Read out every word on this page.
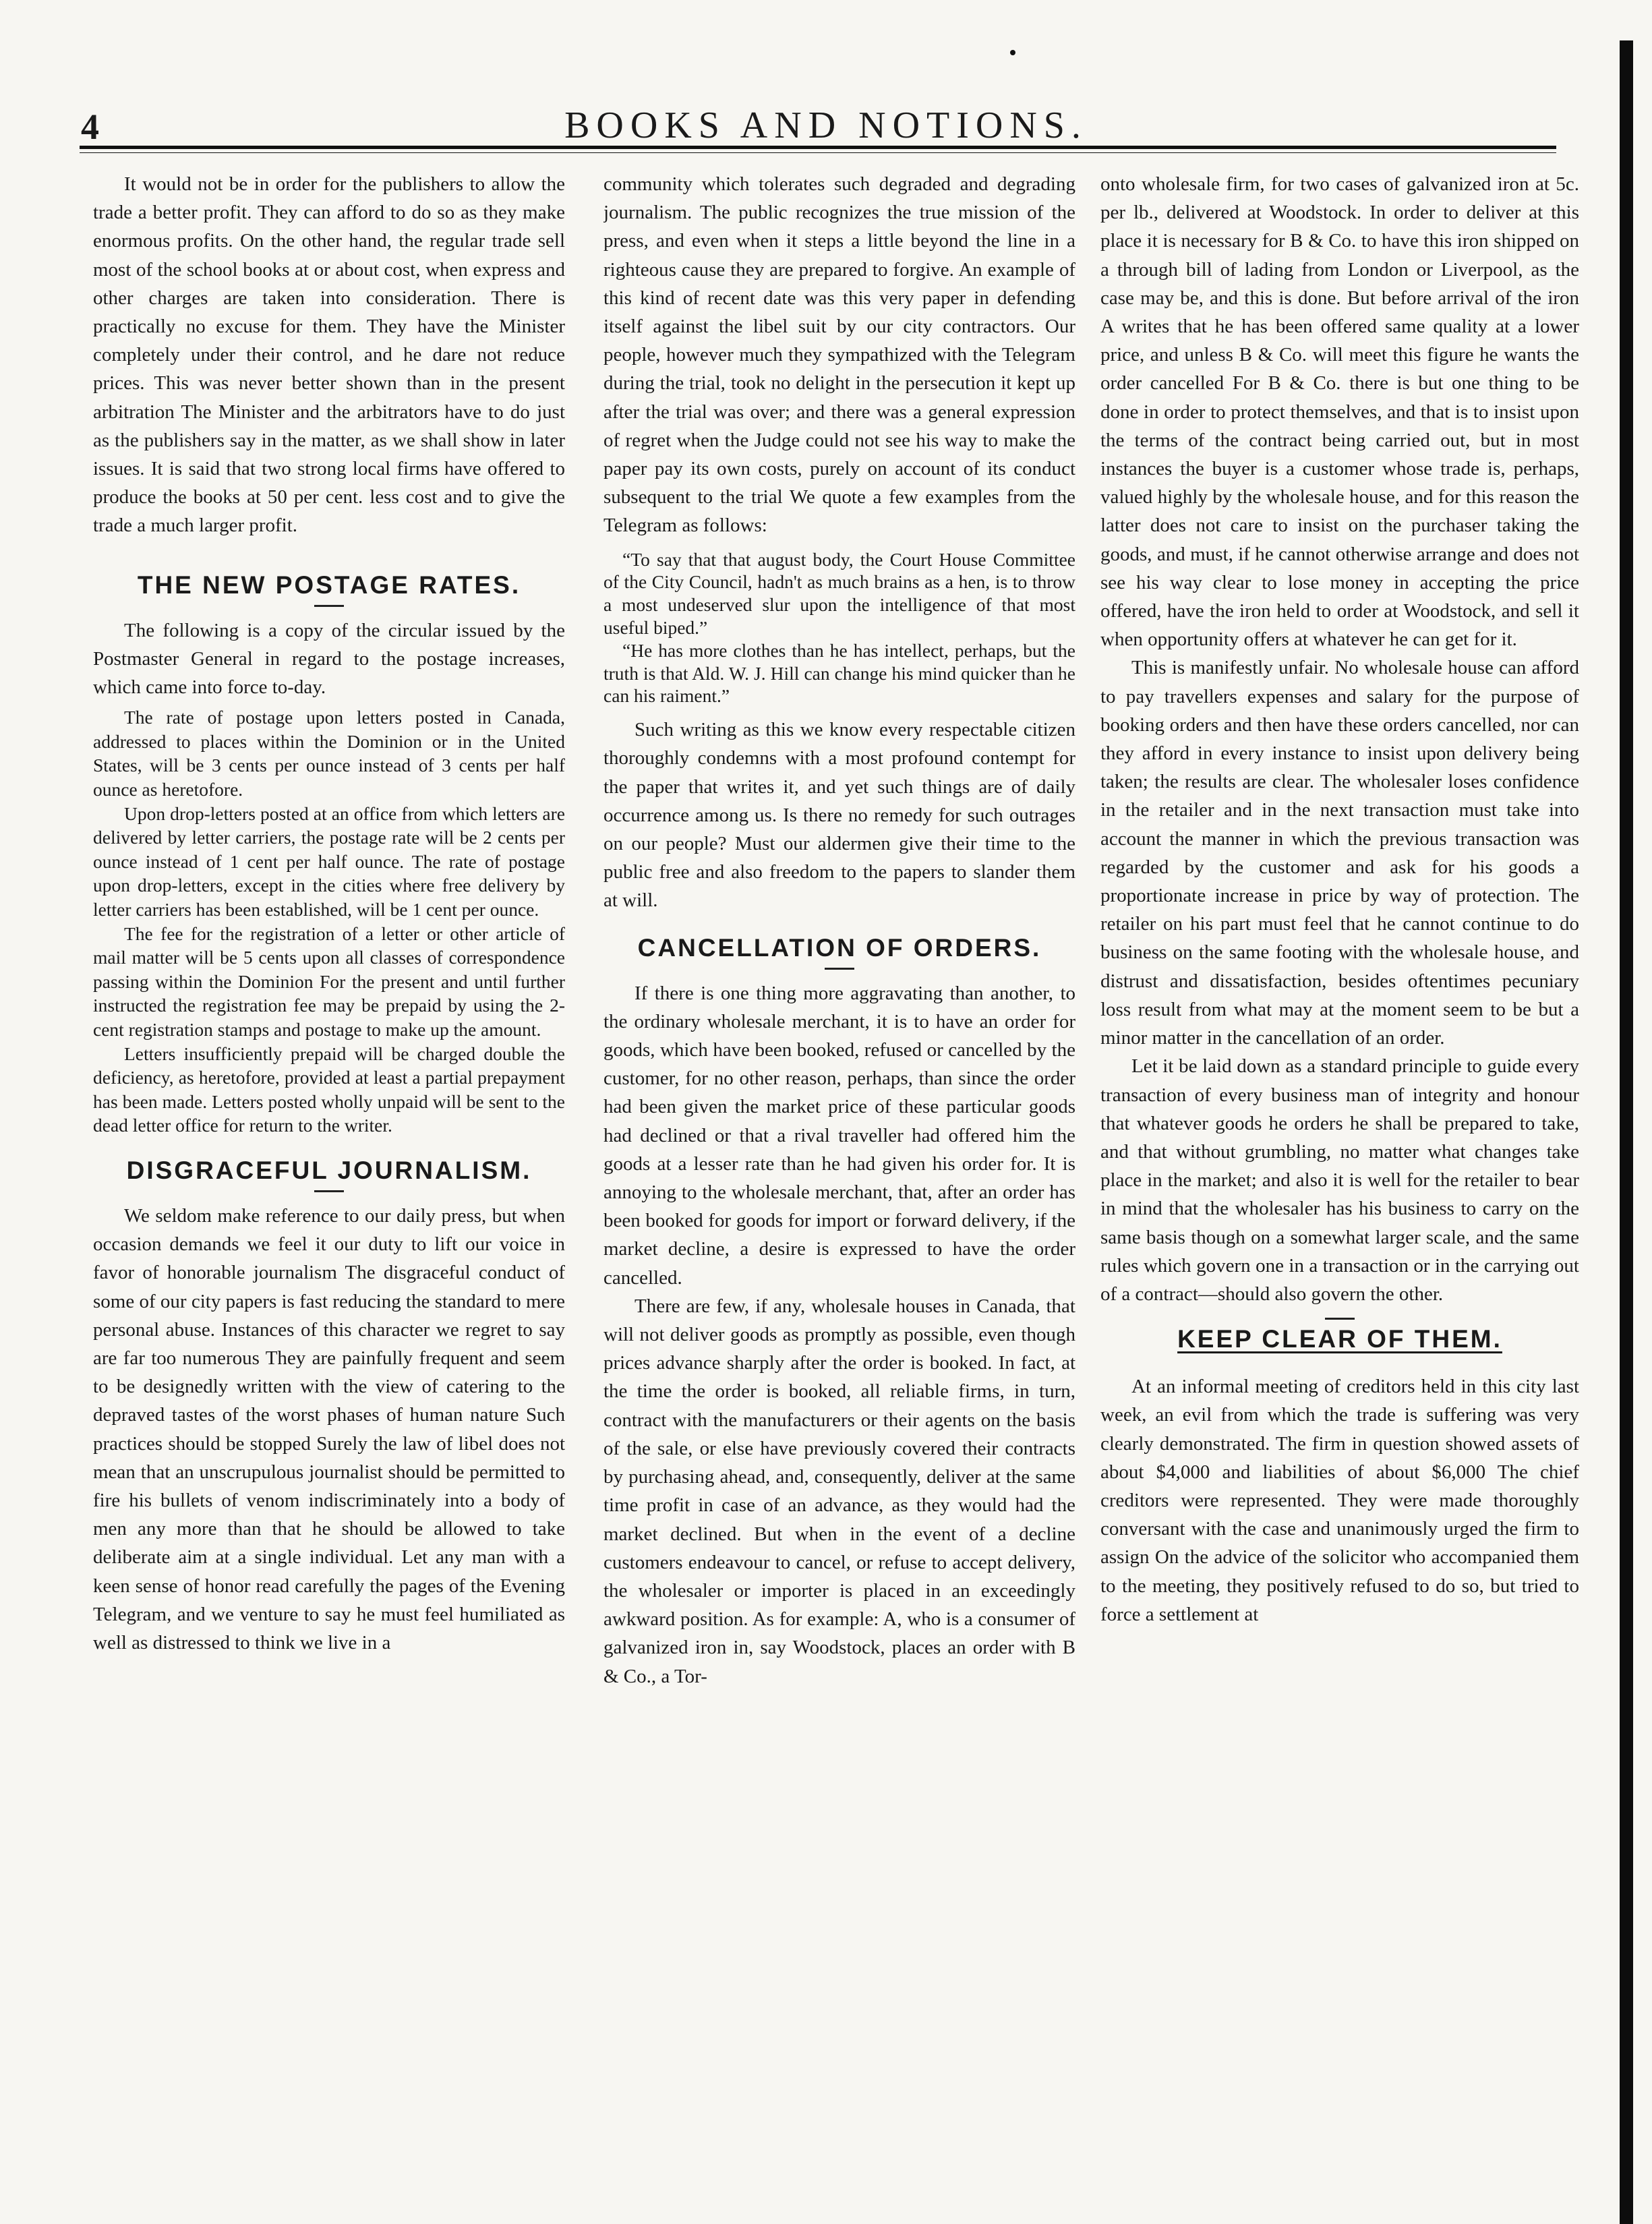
4	BOOKS AND NOTIONS.

It would not be in order for the publishers to allow the trade a better profit. They can afford to do so as they make enormous profits. On the other hand, the regular trade sell most of the school books at or about cost, when express and other charges are taken into consideration. There is practically no excuse for them. They have the Minister completely under their control, and he dare not reduce prices. This was never better shown than in the present arbitration The Minister and the arbitrators have to do just as the publishers say in the matter, as we shall show in later issues. It is said that two strong local firms have offered to produce the books at 50 per cent. less cost and to give the trade a much larger profit.

THE NEW POSTAGE RATES.

The following is a copy of the circular issued by the Postmaster General in regard to the postage increases, which came into force to-day.

The rate of postage upon letters posted in Canada, addressed to places within the Dominion or in the United States, will be 3 cents per ounce instead of 3 cents per half ounce as heretofore.

Upon drop-letters posted at an office from which letters are delivered by letter carriers, the postage rate will be 2 cents per ounce instead of 1 cent per half ounce. The rate of postage upon drop-letters, except in the cities where free delivery by letter carriers has been established, will be 1 cent per ounce.

The fee for the registration of a letter or other article of mail matter will be 5 cents upon all classes of correspondence passing within the Dominion For the present and until further instructed the registration fee may be prepaid by using the 2-cent registration stamps and postage to make up the amount.

Letters insufficiently prepaid will be charged double the deficiency, as heretofore, provided at least a partial prepayment has been made. Letters posted wholly unpaid will be sent to the dead letter office for return to the writer.

DISGRACEFUL JOURNALISM.

We seldom make reference to our daily press, but when occasion demands we feel it our duty to lift our voice in favor of honorable journalism The disgraceful conduct of some of our city papers is fast reducing the standard to mere personal abuse. Instances of this character we regret to say are far too numerous They are painfully frequent and seem to be designedly written with the view of catering to the depraved tastes of the worst phases of human nature Such practices should be stopped Surely the law of libel does not mean that an unscrupulous journalist should be permitted to fire his bullets of venom indiscriminately into a body of men any more than that he should be allowed to take deliberate aim at a single individual. Let any man with a keen sense of honor read carefully the pages of the Evening Telegram, and we venture to say he must feel humiliated as well as distressed to think we live in a

community which tolerates such degraded and degrading journalism. The public recognizes the true mission of the press, and even when it steps a little beyond the line in a righteous cause they are prepared to forgive. An example of this kind of recent date was this very paper in defending itself against the libel suit by our city contractors. Our people, however much they sympathized with the Telegram during the trial, took no delight in the persecution it kept up after the trial was over; and there was a general expression of regret when the Judge could not see his way to make the paper pay its own costs, purely on account of its conduct subsequent to the trial We quote a few examples from the Telegram as follows:

“To say that that august body, the Court House Committee of the City Council, hadn't as much brains as a hen, is to throw a most undeserved slur upon the intelligence of that most useful biped.”

“He has more clothes than he has intellect, perhaps, but the truth is that Ald. W. J. Hill can change his mind quicker than he can his raiment.”

Such writing as this we know every respectable citizen thoroughly condemns with a most profound contempt for the paper that writes it, and yet such things are of daily occurrence among us. Is there no remedy for such outrages on our people? Must our aldermen give their time to the public free and also freedom to the papers to slander them at will.

CANCELLATION OF ORDERS.

If there is one thing more aggravating than another, to the ordinary wholesale merchant, it is to have an order for goods, which have been booked, refused or cancelled by the customer, for no other reason, perhaps, than since the order had been given the market price of these particular goods had declined or that a rival traveller had offered him the goods at a lesser rate than he had given his order for. It is annoying to the wholesale merchant, that, after an order has been booked for goods for import or forward delivery, if the market decline, a desire is expressed to have the order cancelled.

There are few, if any, wholesale houses in Canada, that will not deliver goods as promptly as possible, even though prices advance sharply after the order is booked. In fact, at the time the order is booked, all reliable firms, in turn, contract with the manufacturers or their agents on the basis of the sale, or else have previously covered their contracts by purchasing ahead, and, consequently, deliver at the same time profit in case of an advance, as they would had the market declined. But when in the event of a decline customers endeavour to cancel, or refuse to accept delivery, the wholesaler or importer is placed in an exceedingly awkward position. As for example: A, who is a consumer of galvanized iron in, say Woodstock, places an order with B & Co., a Tor-

onto wholesale firm, for two cases of galvanized iron at 5c. per lb., delivered at Woodstock. In order to deliver at this place it is necessary for B & Co. to have this iron shipped on a through bill of lading from London or Liverpool, as the case may be, and this is done. But before arrival of the iron A writes that he has been offered same quality at a lower price, and unless B & Co. will meet this figure he wants the order cancelled For B & Co. there is but one thing to be done in order to protect themselves, and that is to insist upon the terms of the contract being carried out, but in most instances the buyer is a customer whose trade is, perhaps, valued highly by the wholesale house, and for this reason the latter does not care to insist on the purchaser taking the goods, and must, if he cannot otherwise arrange and does not see his way clear to lose money in accepting the price offered, have the iron held to order at Woodstock, and sell it when opportunity offers at whatever he can get for it.

This is manifestly unfair. No wholesale house can afford to pay travellers expenses and salary for the purpose of booking orders and then have these orders cancelled, nor can they afford in every instance to insist upon delivery being taken; the results are clear. The wholesaler loses confidence in the retailer and in the next transaction must take into account the manner in which the previous transaction was regarded by the customer and ask for his goods a proportionate increase in price by way of protection. The retailer on his part must feel that he cannot continue to do business on the same footing with the wholesale house, and distrust and dissatisfaction, besides oftentimes pecuniary loss result from what may at the moment seem to be but a minor matter in the cancellation of an order.

Let it be laid down as a standard principle to guide every transaction of every business man of integrity and honour that whatever goods he orders he shall be prepared to take, and that without grumbling, no matter what changes take place in the market; and also it is well for the retailer to bear in mind that the wholesaler has his business to carry on the same basis though on a somewhat larger scale, and the same rules which govern one in a transaction or in the carrying out of a contract—should also govern the other.

KEEP CLEAR OF THEM.

At an informal meeting of creditors held in this city last week, an evil from which the trade is suffering was very clearly demonstrated. The firm in question showed assets of about $4,000 and liabilities of about $6,000 The chief creditors were represented. They were made thoroughly conversant with the case and unanimously urged the firm to assign On the advice of the solicitor who accompanied them to the meeting, they positively refused to do so, but tried to force a settlement at
